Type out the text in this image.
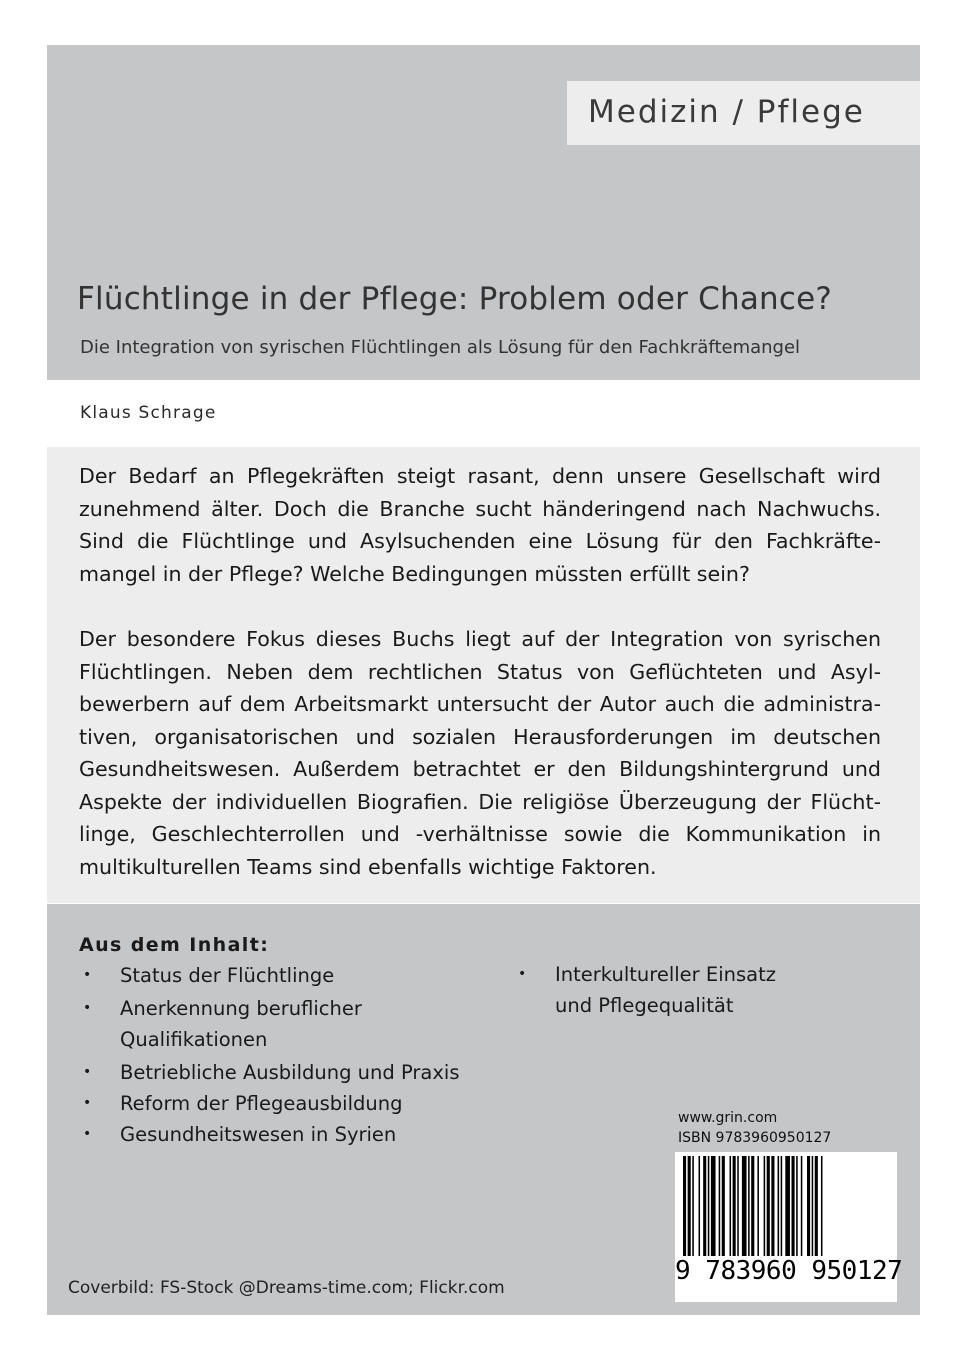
Medizin / Pflege
Flüchtlinge in der Pflege: Problem oder Chance?
Die Integration von syrischen Flüchtlingen als Lösung für den Fachkräftemangel
Klaus Schrage

Der Bedarf an Pflegekräften steigt rasant, denn unsere Gesellschaft wird zunehmend älter. Doch die Branche sucht händeringend nach Nachwuchs. Sind die Flüchtlinge und Asylsuchenden eine Lösung für den Fachkräftemangel in der Pflege? Welche Bedingungen müssten erfüllt sein?

Der besondere Fokus dieses Buchs liegt auf der Integration von syrischen Flüchtlingen. Neben dem rechtlichen Status von Geflüchteten und Asylbewerbern auf dem Arbeitsmarkt untersucht der Autor auch die administrativen, organisatorischen und sozialen Herausforderungen im deutschen Gesundheitswesen. Außerdem betrachtet er den Bildungshintergrund und Aspekte der individuellen Biografien. Die religiöse Überzeugung der Flüchtlinge, Geschlechterrollen und -verhältnisse sowie die Kommunikation in multikulturellen Teams sind ebenfalls wichtige Faktoren.

Aus dem Inhalt:
• Status der Flüchtlinge
• Anerkennung beruflicher
Qualifikationen
• Betriebliche Ausbildung und Praxis
• Reform der Pflegeausbildung
• Gesundheitswesen in Syrien
• Interkultureller Einsatz
und Pflegequalität
www.grin.com
ISBN 9783960950127
9 783960 950127
Coverbild: FS-Stock @Dreams-time.com; Flickr.com
